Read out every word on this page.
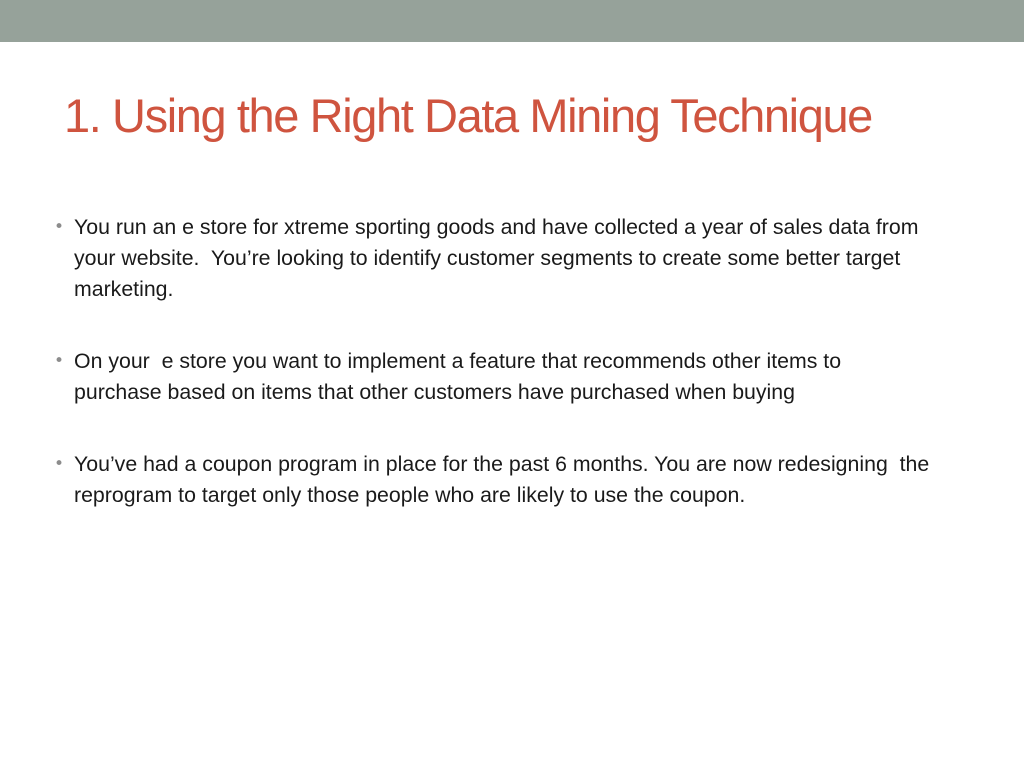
1. Using the Right Data Mining Technique
• You run an e store for xtreme sporting goods and have collected a year of sales data from your website.  You’re looking to identify customer segments to create some better target  marketing.
• On your  e store you want to implement a feature that recommends other items to purchase based on items that other customers have purchased when buying
• You’ve had a coupon program in place for the past 6 months. You are now redesigning  the reprogram to target only those people who are likely to use the coupon.
